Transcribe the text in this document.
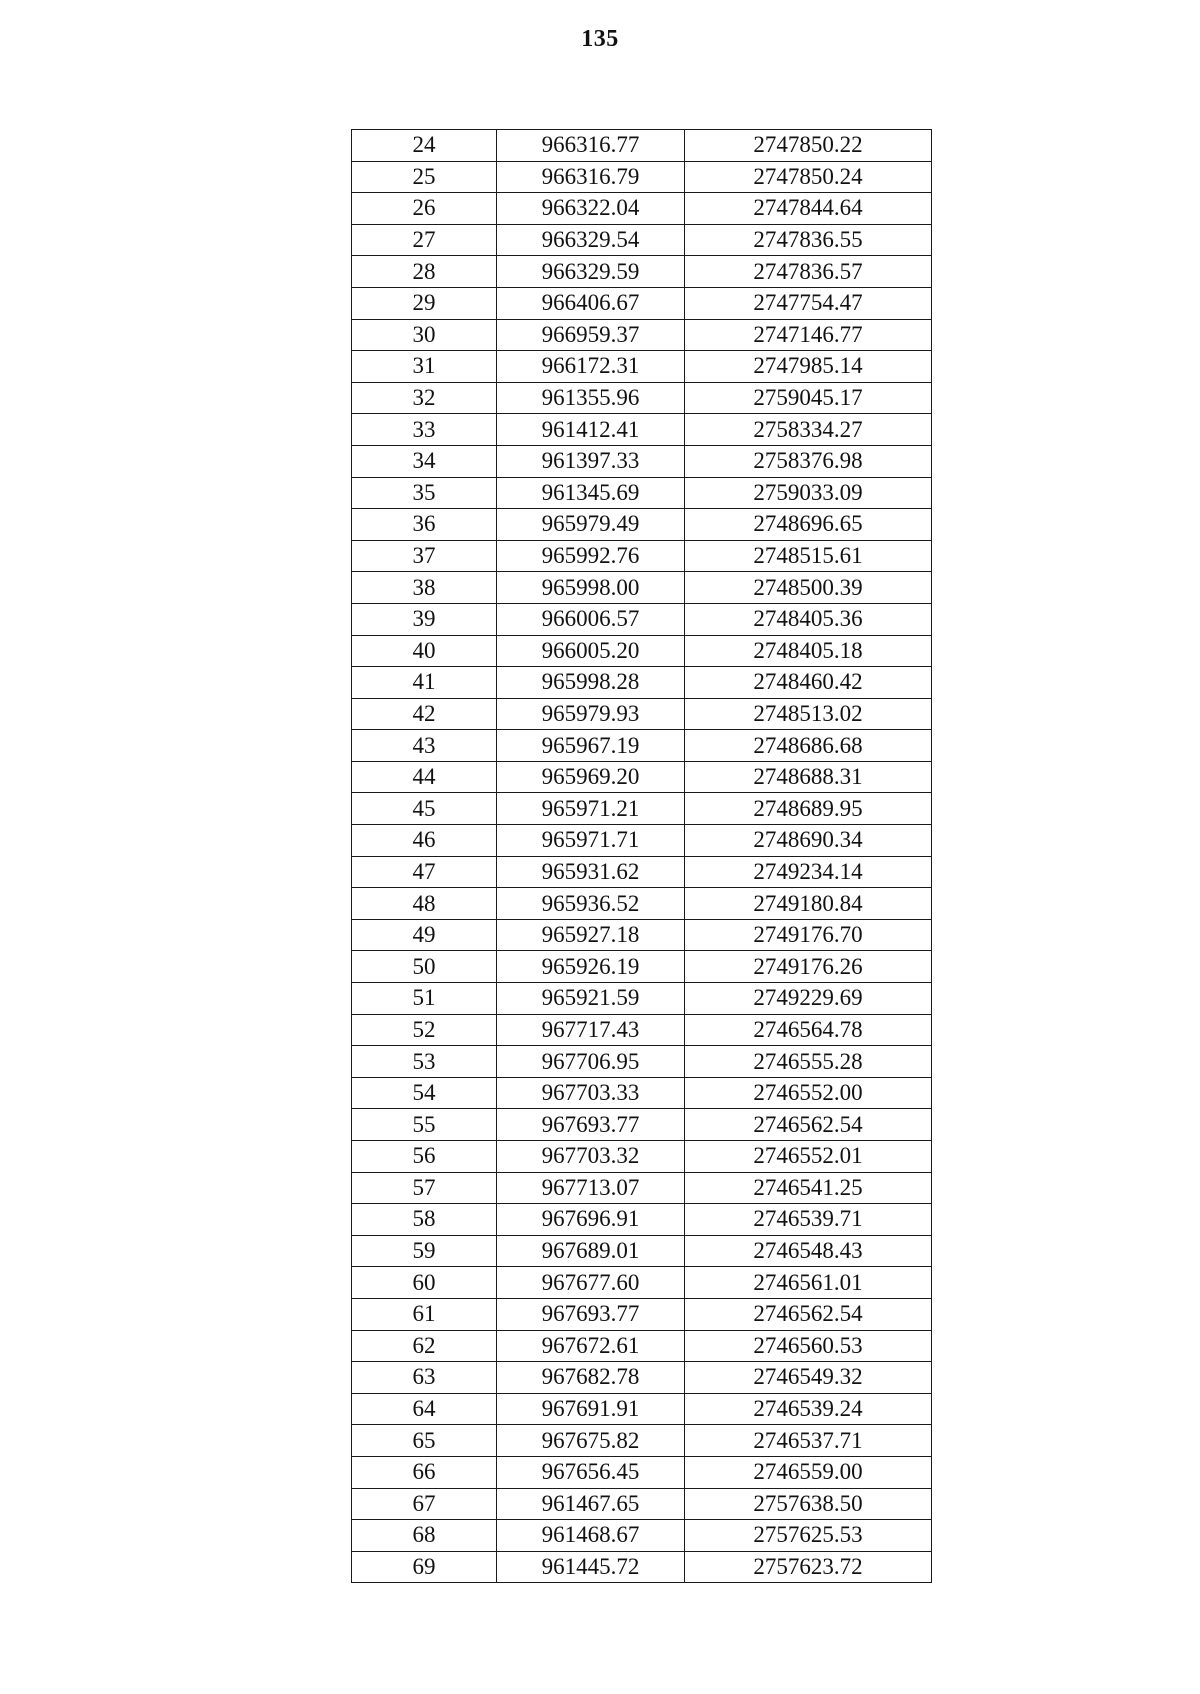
135
24	966316.77	2747850.22
25	966316.79	2747850.24
26	966322.04	2747844.64
27	966329.54	2747836.55
28	966329.59	2747836.57
29	966406.67	2747754.47
30	966959.37	2747146.77
31	966172.31	2747985.14
32	961355.96	2759045.17
33	961412.41	2758334.27
34	961397.33	2758376.98
35	961345.69	2759033.09
36	965979.49	2748696.65
37	965992.76	2748515.61
38	965998.00	2748500.39
39	966006.57	2748405.36
40	966005.20	2748405.18
41	965998.28	2748460.42
42	965979.93	2748513.02
43	965967.19	2748686.68
44	965969.20	2748688.31
45	965971.21	2748689.95
46	965971.71	2748690.34
47	965931.62	2749234.14
48	965936.52	2749180.84
49	965927.18	2749176.70
50	965926.19	2749176.26
51	965921.59	2749229.69
52	967717.43	2746564.78
53	967706.95	2746555.28
54	967703.33	2746552.00
55	967693.77	2746562.54
56	967703.32	2746552.01
57	967713.07	2746541.25
58	967696.91	2746539.71
59	967689.01	2746548.43
60	967677.60	2746561.01
61	967693.77	2746562.54
62	967672.61	2746560.53
63	967682.78	2746549.32
64	967691.91	2746539.24
65	967675.82	2746537.71
66	967656.45	2746559.00
67	961467.65	2757638.50
68	961468.67	2757625.53
69	961445.72	2757623.72
